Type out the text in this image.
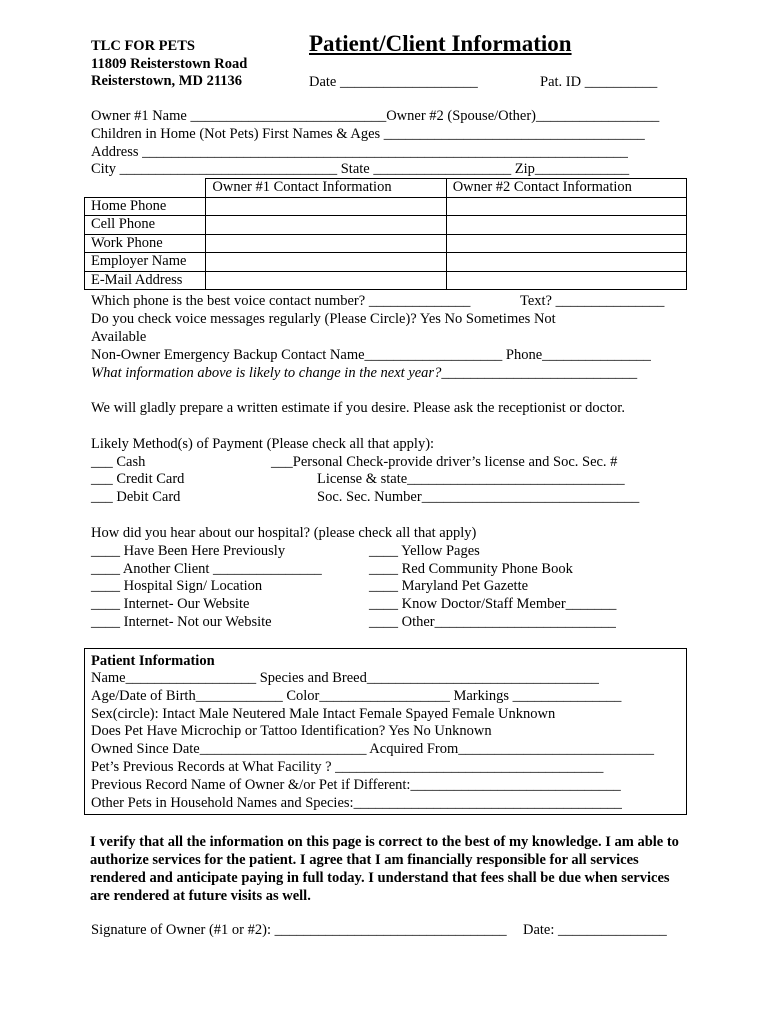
TLC FOR PETS
11809 Reisterstown Road
Reisterstown, MD 21136
Patient/Client Information
Date ___________________	Pat. ID __________
Owner #1 Name ___________________________Owner #2 (Spouse/Other)_________________
Children in Home (Not Pets) First Names & Ages ____________________________________
Address ___________________________________________________________________
City ______________________________ State ___________________ Zip_____________
	Owner #1 Contact Information	Owner #2 Contact Information
Home Phone		
Cell Phone		
Work Phone		
Employer Name		
E-Mail Address		
Which phone is the best voice contact number? ______________	Text? _______________
Do you check voice messages regularly (Please Circle)? Yes No Sometimes Not
Available
Non-Owner Emergency Backup Contact Name___________________ Phone_______________
What information above is likely to change in the next year?___________________________
We will gladly prepare a written estimate if you desire. Please ask the receptionist or doctor.
Likely Method(s) of Payment (Please check all that apply):
___ Cash
___ Credit Card
___ Debit Card
___Personal Check-provide driver’s license and Soc. Sec. #
License & state______________________________
Soc. Sec. Number______________________________
How did you hear about our hospital? (please check all that apply)
____ Have Been Here Previously
____ Another Client _______________
____ Hospital Sign/ Location
____ Internet- Our Website
____ Internet- Not our Website
____ Yellow Pages
____ Red Community Phone Book
____ Maryland Pet Gazette
____ Know Doctor/Staff Member_______
____ Other_________________________
Patient Information
Name__________________ Species and Breed________________________________
Age/Date of Birth____________ Color__________________ Markings _______________
Sex(circle): Intact Male Neutered Male Intact Female Spayed Female Unknown
Does Pet Have Microchip or Tattoo Identification? Yes No Unknown
Owned Since Date_______________________ Acquired From___________________________
Pet’s Previous Records at What Facility ? _____________________________________
Previous Record Name of Owner &/or Pet if Different:_____________________________
Other Pets in Household Names and Species:_____________________________________
I verify that all the information on this page is correct to the best of my knowledge. I am able to authorize services for the patient. I agree that I am financially responsible for all services rendered and anticipate paying in full today. I understand that fees shall be due when services are rendered at future visits as well.
Signature of Owner (#1 or #2): ________________________________ Date: _______________
